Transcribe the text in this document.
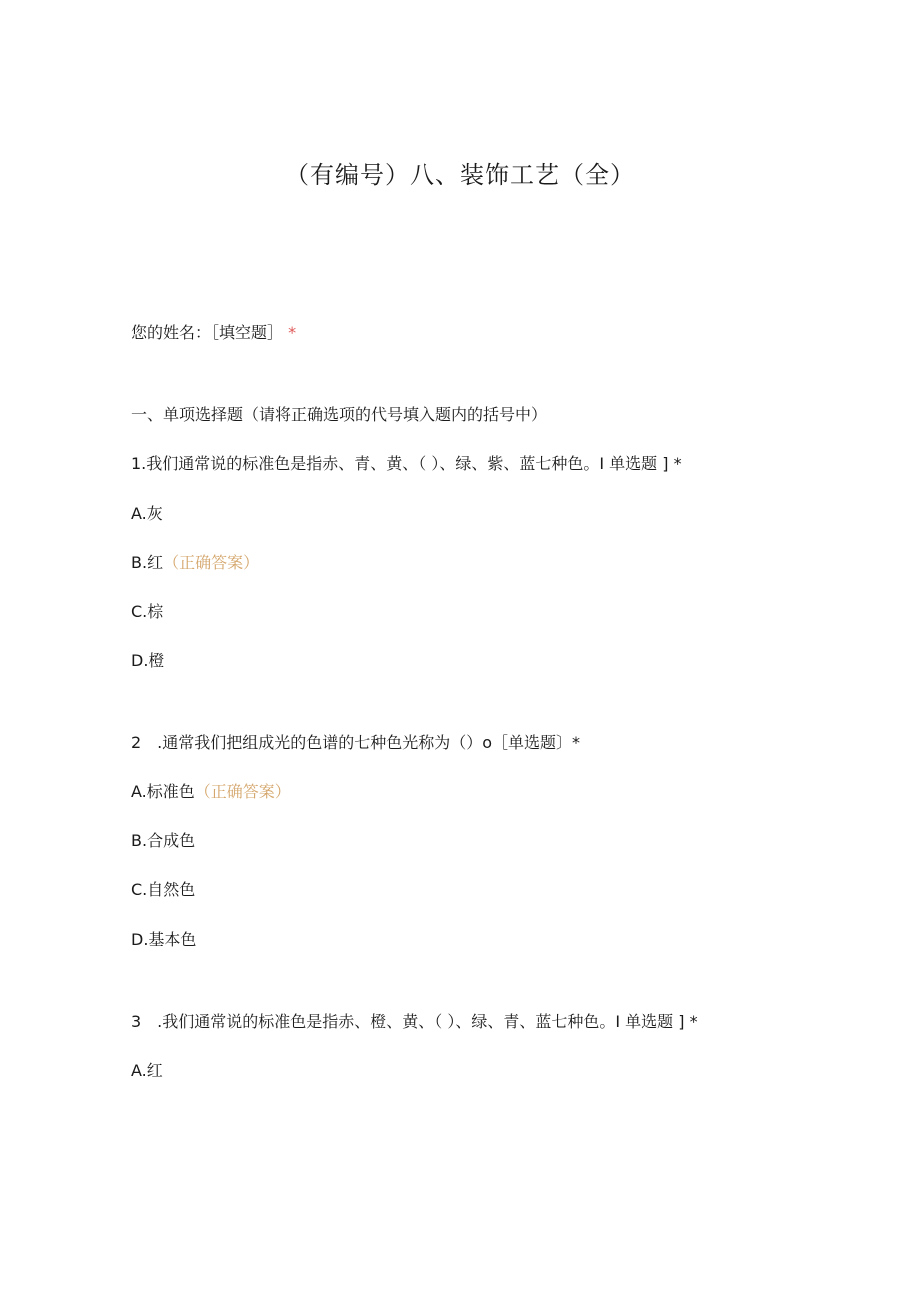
（有编号）八、装饰工艺（全）
您的姓名：［填空题］ *
一、单项选择题（请将正确选项的代号填入题内的括号中）
1.我们通常说的标准色是指赤、青、黄、（ ）、绿、紫、蓝七种色。I 单选题 ] *
A.灰
B.红（正确答案）
C.棕
D.橙
2　.通常我们把组成光的色谱的七种色光称为（）o［单选题〕*
A.标准色（正确答案）
B.合成色
C.自然色
D.基本色
3　.我们通常说的标准色是指赤、橙、黄、（ ）、绿、青、蓝七种色。I 单选题 ] *
A.红
